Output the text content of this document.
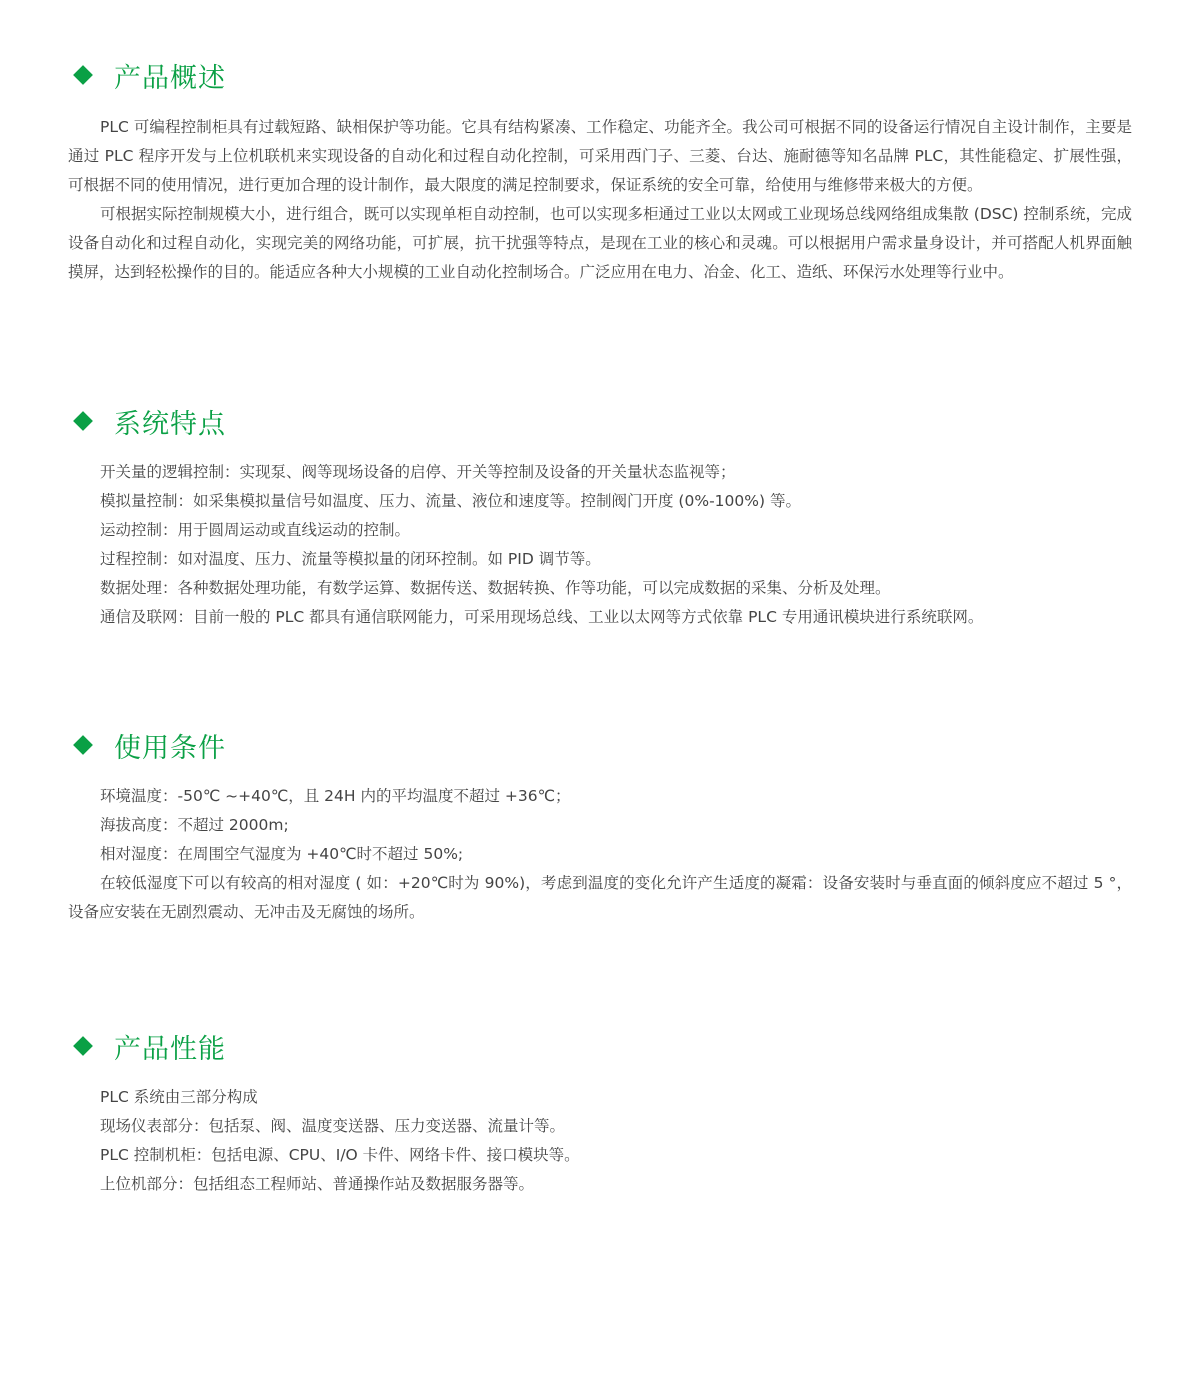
产品概述

PLC 可编程控制柜具有过载短路、缺相保护等功能。它具有结构紧凑、工作稳定、功能齐全。我公司可根据不同的设备运行情况自主设计制作，主要是通过 PLC 程序开发与上位机联机来实现设备的自动化和过程自动化控制，可采用西门子、三菱、台达、施耐德等知名品牌 PLC，其性能稳定、扩展性强，可根据不同的使用情况，进行更加合理的设计制作，最大限度的满足控制要求，保证系统的安全可靠，给使用与维修带来极大的方便。

可根据实际控制规模大小，进行组合，既可以实现单柜自动控制，也可以实现多柜通过工业以太网或工业现场总线网络组成集散 (DSC) 控制系统，完成设备自动化和过程自动化，实现完美的网络功能，可扩展，抗干扰强等特点，是现在工业的核心和灵魂。可以根据用户需求量身设计，并可搭配人机界面触摸屏，达到轻松操作的目的。能适应各种大小规模的工业自动化控制场合。广泛应用在电力、冶金、化工、造纸、环保污水处理等行业中。

系统特点

开关量的逻辑控制：实现泵、阀等现场设备的启停、开关等控制及设备的开关量状态监视等；

模拟量控制：如采集模拟量信号如温度、压力、流量、液位和速度等。控制阀门开度 (0%-100%) 等。

运动控制：用于圆周运动或直线运动的控制。

过程控制：如对温度、压力、流量等模拟量的闭环控制。如 PID 调节等。

数据处理：各种数据处理功能，有数学运算、数据传送、数据转换、作等功能，可以完成数据的采集、分析及处理。

通信及联网：目前一般的 PLC 都具有通信联网能力，可采用现场总线、工业以太网等方式依靠 PLC 专用通讯模块进行系统联网。

使用条件

环境温度：-50℃ ~+40℃，且 24H 内的平均温度不超过 +36℃；

海拔高度：不超过 2000m;

相对湿度：在周围空气湿度为 +40℃时不超过 50%;

在较低湿度下可以有较高的相对湿度 ( 如：+20℃时为 90%)，考虑到温度的变化允许产生适度的凝霜：设备安装时与垂直面的倾斜度应不超过 5 °，设备应安装在无剧烈震动、无冲击及无腐蚀的场所。

产品性能

PLC 系统由三部分构成

现场仪表部分：包括泵、阀、温度变送器、压力变送器、流量计等。

PLC 控制机柜：包括电源、CPU、I/O 卡件、网络卡件、接口模块等。

上位机部分：包括组态工程师站、普通操作站及数据服务器等。
